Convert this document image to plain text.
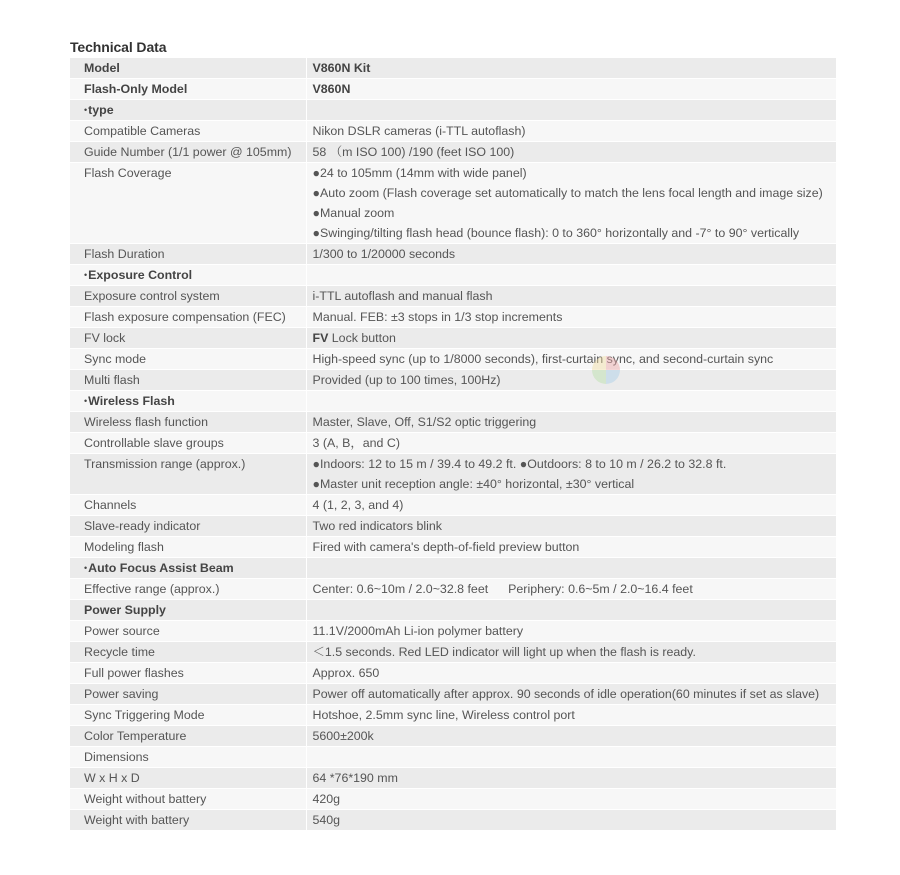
Technical Data
Model	V860N Kit
Flash-Only Model	V860N
•type	
Compatible Cameras	Nikon DSLR cameras (i-TTL autoflash)
Guide Number (1/1 power @ 105mm)	58 （m ISO 100) /190 (feet ISO 100)
Flash Coverage	●24 to 105mm (14mm with wide panel)
●Auto zoom (Flash coverage set automatically to match the lens focal length and image size)
●Manual zoom
●Swinging/tilting flash head (bounce flash): 0 to 360° horizontally and -7° to 90° vertically

Flash Duration	1/300 to 1/20000 seconds
•Exposure Control	
Exposure control system	i-TTL autoflash and manual flash
Flash exposure compensation (FEC)	Manual. FEB: ±3 stops in 1/3 stop increments
FV lock	FV Lock button
Sync mode	High-speed sync (up to 1/8000 seconds), first-curtain sync, and second-curtain sync
Multi flash	Provided (up to 100 times, 100Hz)
•Wireless Flash	
Wireless flash function	Master, Slave, Off, S1/S2 optic triggering
Controllable slave groups	3 (A, B，and C)
Transmission range (approx.)	●Indoors: 12 to 15 m / 39.4 to 49.2 ft. ●Outdoors: 8 to 10 m / 26.2 to 32.8 ft.
●Master unit reception angle: ±40° horizontal, ±30° vertical

Channels	4 (1, 2, 3, and 4)
Slave-ready indicator	Two red indicators blink
Modeling flash	Fired with camera's depth-of-field preview button
•Auto Focus Assist Beam	
Effective range (approx.)	Center: 0.6~10m / 2.0~32.8 feet Periphery: 0.6~5m / 2.0~16.4 feet
Power Supply	
Power source	11.1V/2000mAh Li-ion polymer battery
Recycle time	＜1.5 seconds. Red LED indicator will light up when the flash is ready.
Full power flashes	Approx. 650
Power saving	Power off automatically after approx. 90 seconds of idle operation(60 minutes if set as slave)
Sync Triggering Mode	Hotshoe, 2.5mm sync line, Wireless control port
Color Temperature	5600±200k
Dimensions	
W x H x D	64 *76*190 mm
Weight without battery	420g
Weight with battery	540g
